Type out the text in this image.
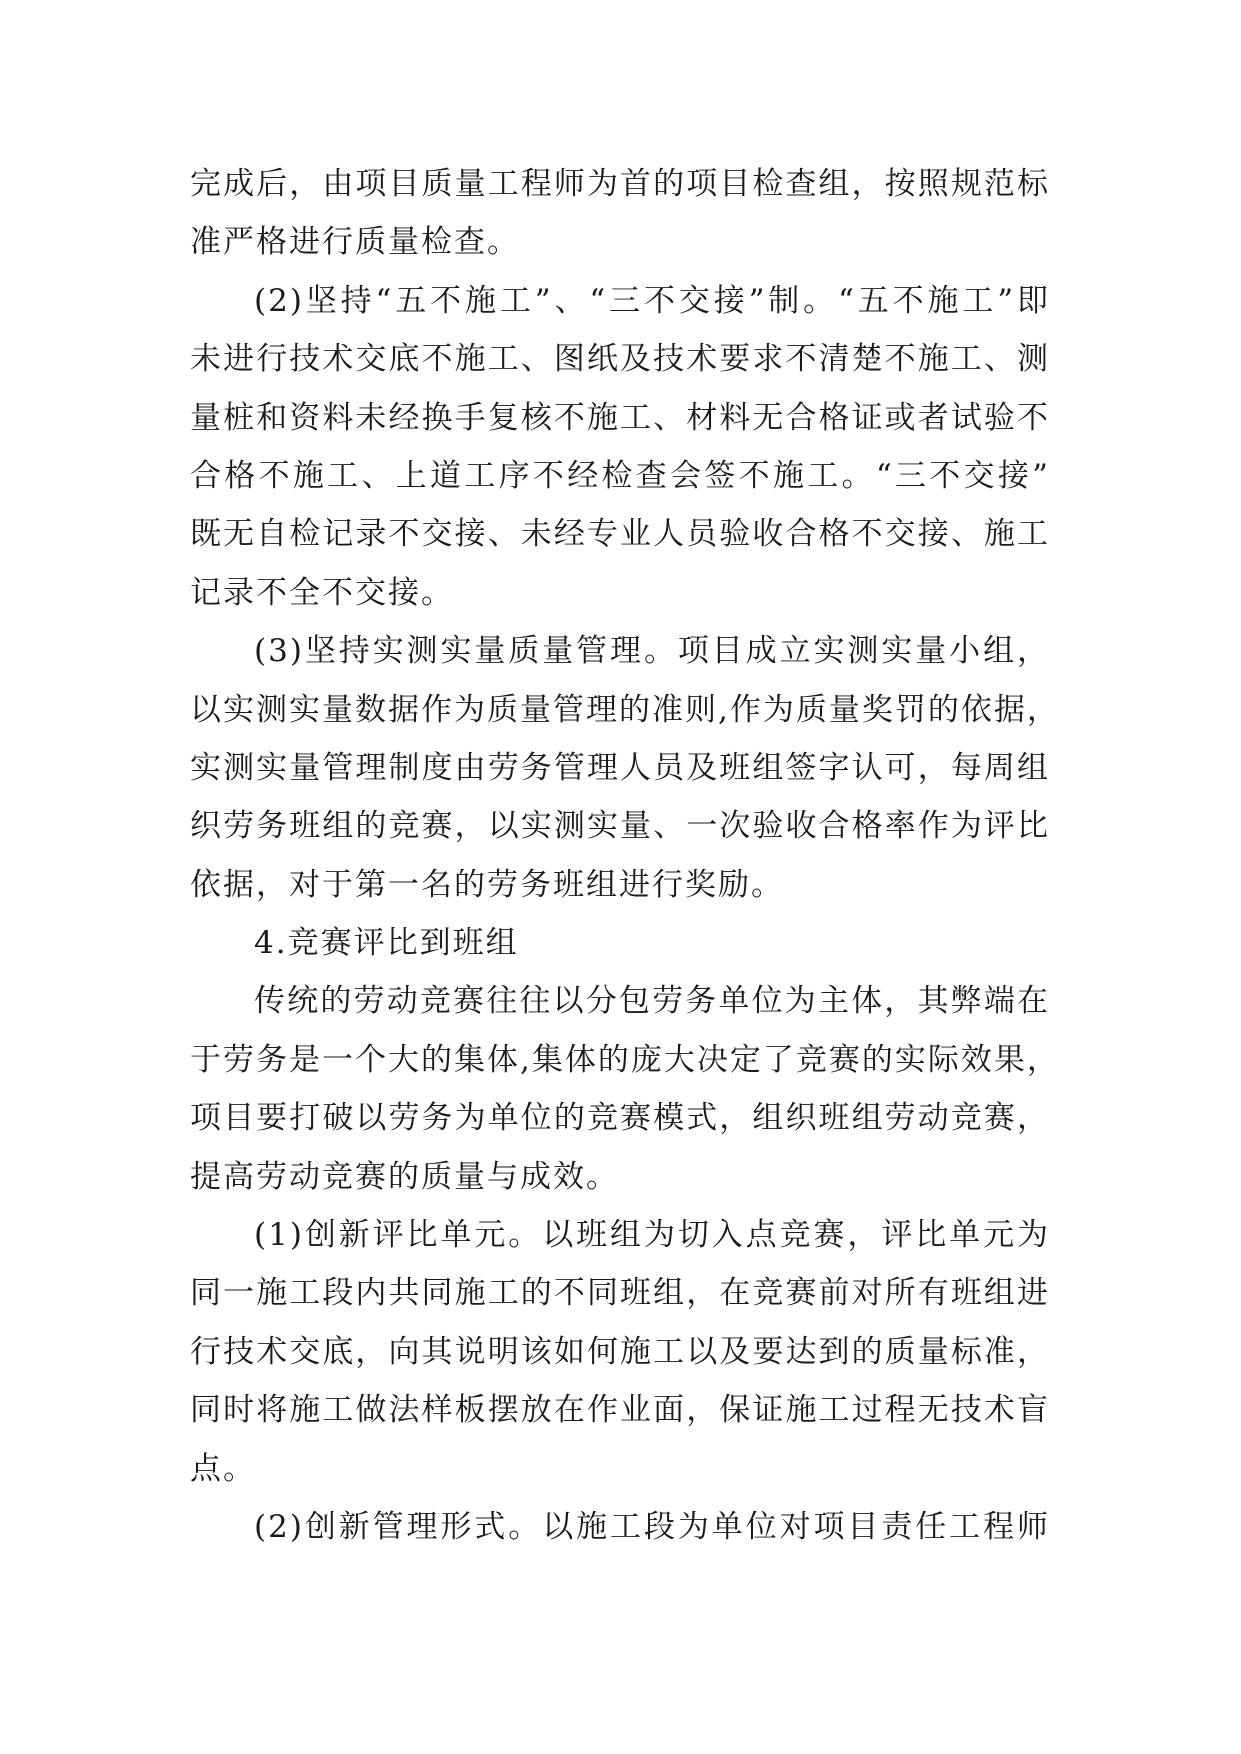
完成后，由项目质量工程师为首的项目检查组，按照规范标
准严格进行质量检查。
(2)坚持“五不施工”、“三不交接”制。“五不施工”即
未进行技术交底不施工、图纸及技术要求不清楚不施工、测
量桩和资料未经换手复核不施工、材料无合格证或者试验不
合格不施工、上道工序不经检查会签不施工。“三不交接”
既无自检记录不交接、未经专业人员验收合格不交接、施工
记录不全不交接。
(3)坚持实测实量质量管理。项目成立实测实量小组，
以实测实量数据作为质量管理的准则,作为质量奖罚的依据，
实测实量管理制度由劳务管理人员及班组签字认可，每周组
织劳务班组的竞赛，以实测实量、一次验收合格率作为评比
依据，对于第一名的劳务班组进行奖励。
4.竞赛评比到班组
传统的劳动竞赛往往以分包劳务单位为主体，其弊端在
于劳务是一个大的集体,集体的庞大决定了竞赛的实际效果，
项目要打破以劳务为单位的竞赛模式，组织班组劳动竞赛，
提高劳动竞赛的质量与成效。
(1)创新评比单元。以班组为切入点竞赛，评比单元为
同一施工段内共同施工的不同班组，在竞赛前对所有班组进
行技术交底，向其说明该如何施工以及要达到的质量标准，
同时将施工做法样板摆放在作业面，保证施工过程无技术盲
点。
(2)创新管理形式。以施工段为单位对项目责任工程师
